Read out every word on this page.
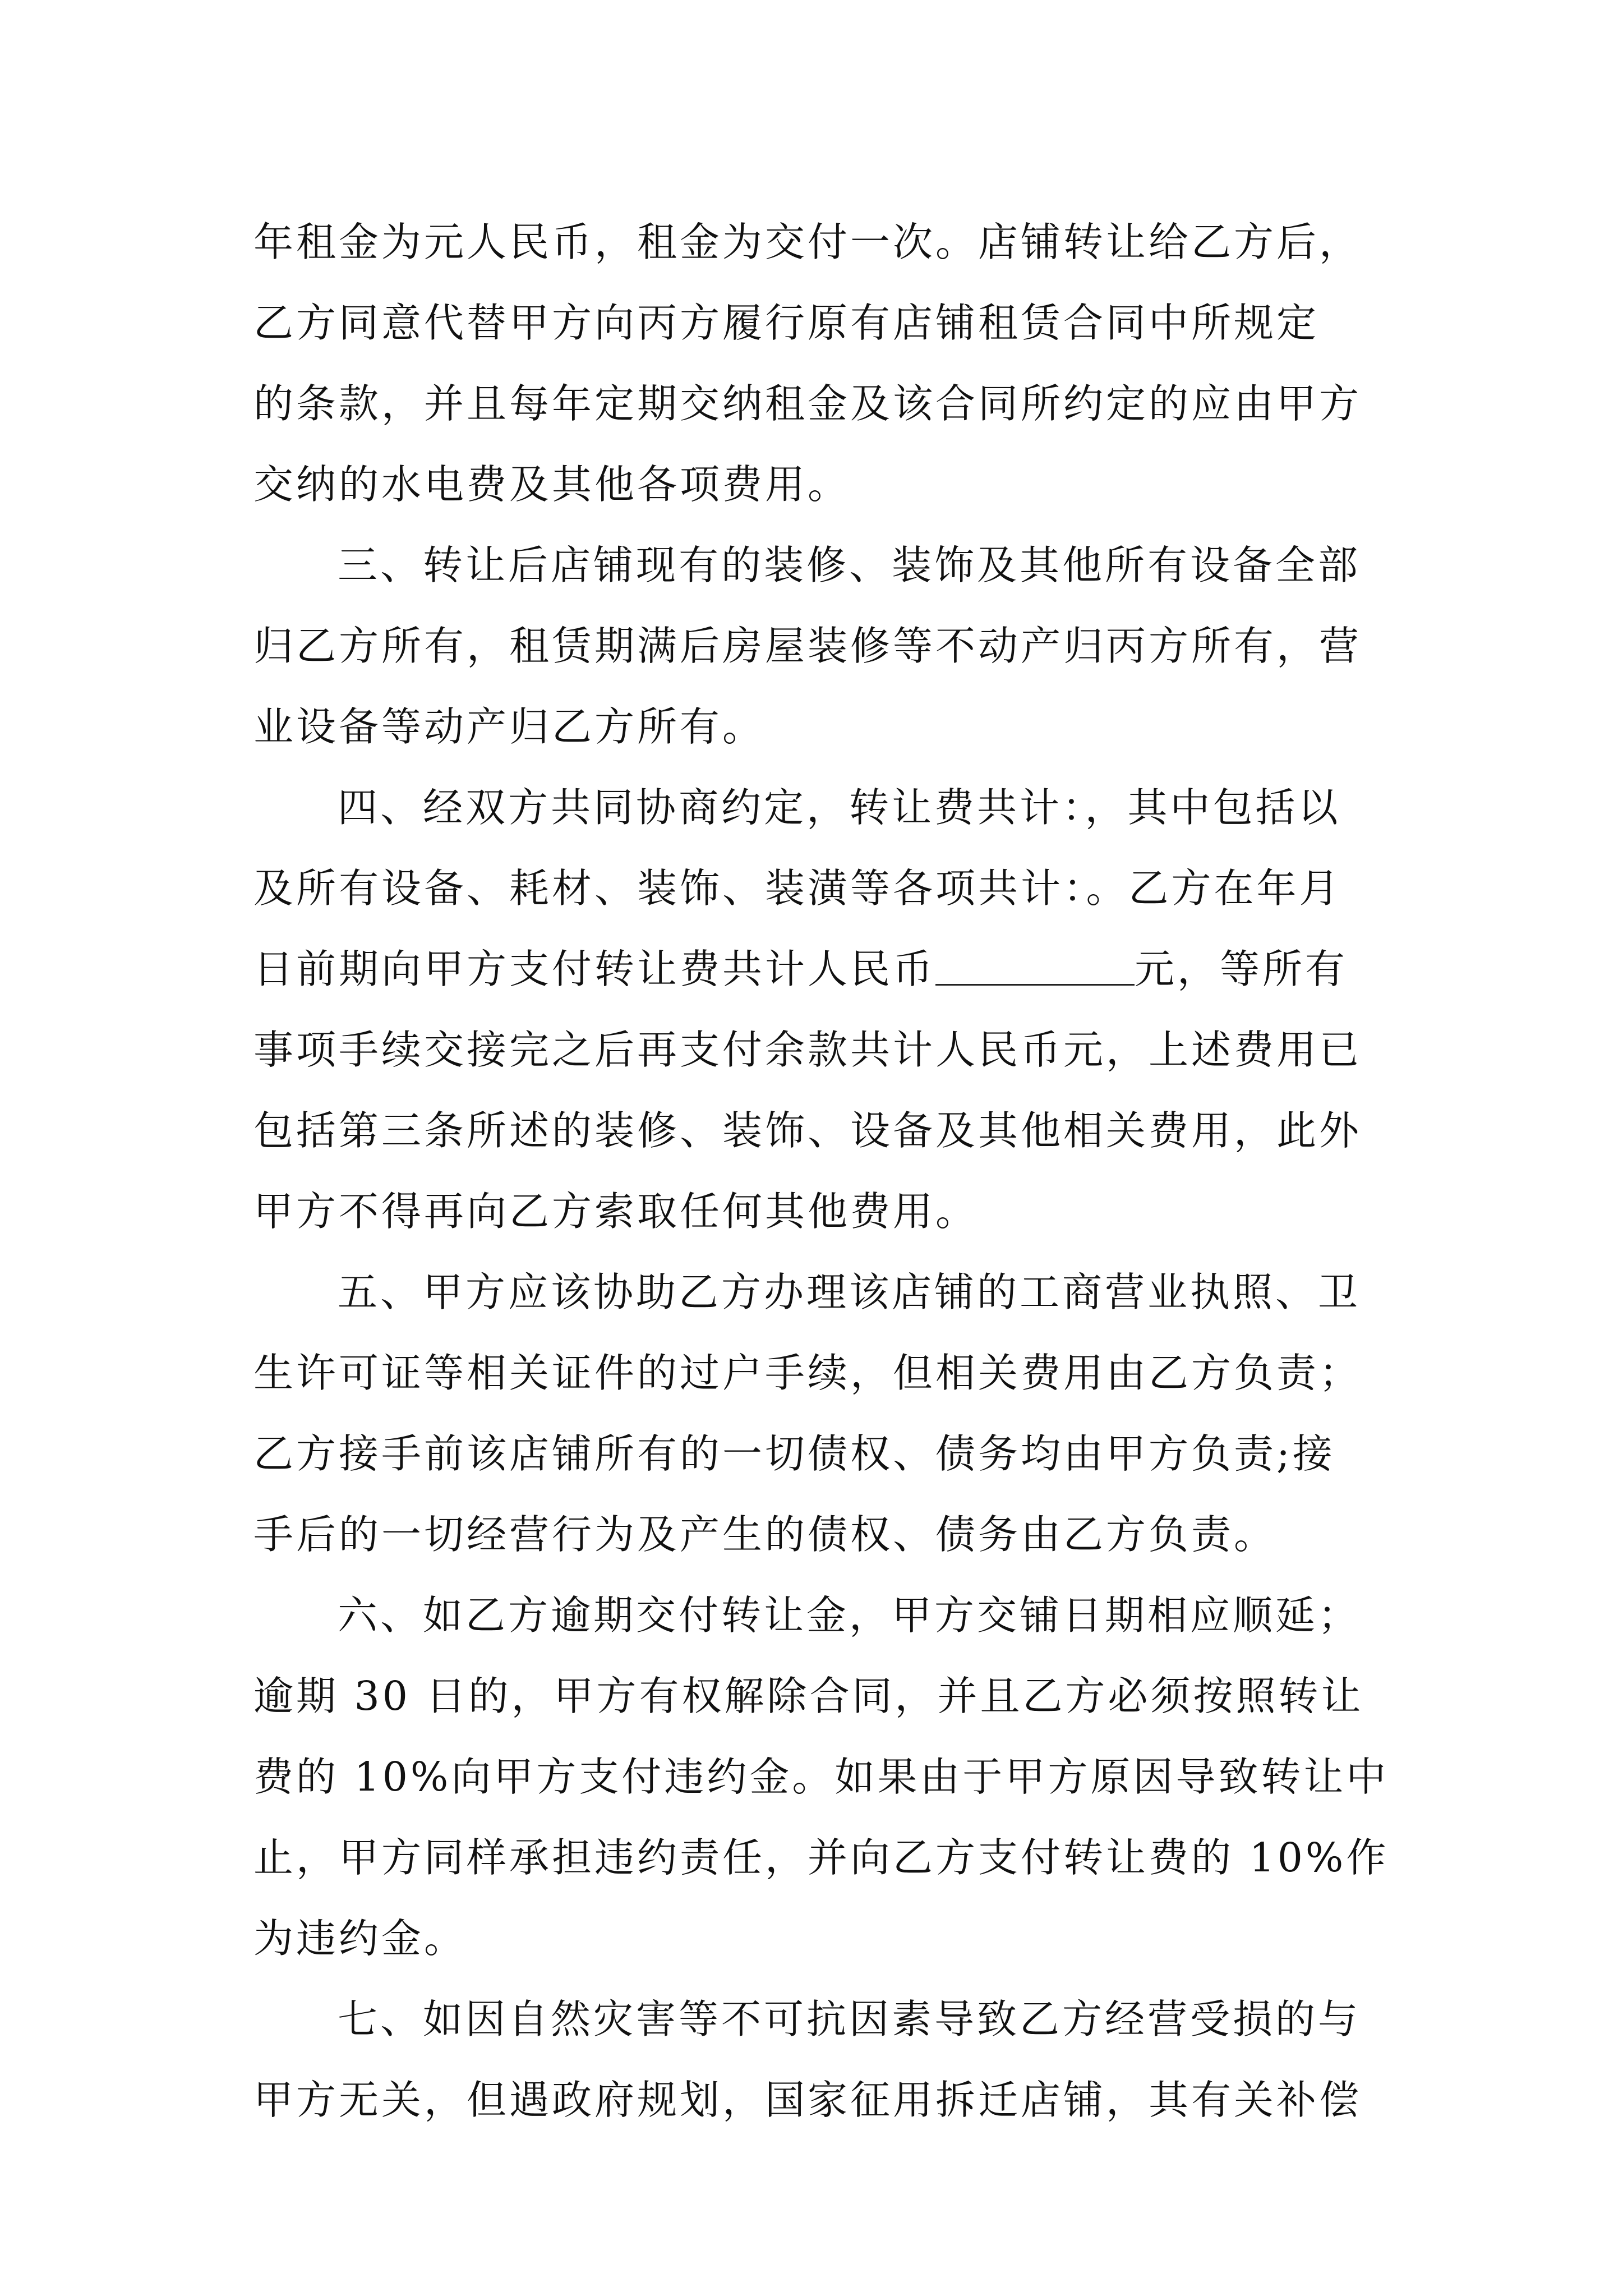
年租金为元人民币，租金为交付一次。店铺转让给乙方后，
乙方同意代替甲方向丙方履行原有店铺租赁合同中所规定
的条款，并且每年定期交纳租金及该合同所约定的应由甲方
交纳的水电费及其他各项费用。
三、转让后店铺现有的装修、装饰及其他所有设备全部
归乙方所有，租赁期满后房屋装修等不动产归丙方所有，营
业设备等动产归乙方所有。
四、经双方共同协商约定，转让费共计：，其中包括以
及所有设备、耗材、装饰、装潢等各项共计：。乙方在年月
日前期向甲方支付转让费共计人民币	元，等所有
事项手续交接完之后再支付余款共计人民币元，上述费用已
包括第三条所述的装修、装饰、设备及其他相关费用，此外
甲方不得再向乙方索取任何其他费用。
五、甲方应该协助乙方办理该店铺的工商营业执照、卫
生许可证等相关证件的过户手续，但相关费用由乙方负责；
乙方接手前该店铺所有的一切债权、债务均由甲方负责;接
手后的一切经营行为及产生的债权、债务由乙方负责。
六、如乙方逾期交付转让金，甲方交铺日期相应顺延；
逾期 30 日的，甲方有权解除合同，并且乙方必须按照转让
费的 10%向甲方支付违约金。如果由于甲方原因导致转让中
止，甲方同样承担违约责任，并向乙方支付转让费的 10%作
为违约金。
七、如因自然灾害等不可抗因素导致乙方经营受损的与
甲方无关，但遇政府规划，国家征用拆迁店铺，其有关补偿
